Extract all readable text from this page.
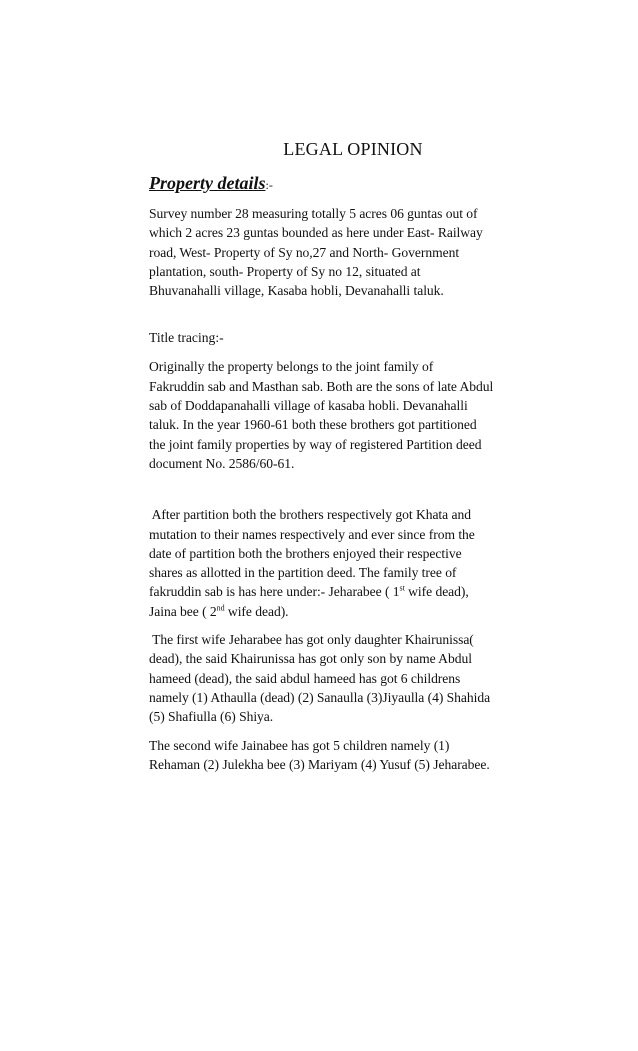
LEGAL OPINION
Property details:-

Survey number 28 measuring totally 5 acres 06 guntas out of
which 2 acres 23 guntas bounded as here under East- Railway
road, West- Property of Sy no,27 and North- Government
plantation, south- Property of Sy no 12, situated at
Bhuvanahalli village, Kasaba hobli, Devanahalli taluk.

Title tracing:-

Originally the property belongs to the joint family of
Fakruddin sab and Masthan sab. Both are the sons of late Abdul
sab of Doddapanahalli village of kasaba hobli. Devanahalli
taluk. In the year 1960-61 both these brothers got partitioned
the joint family properties by way of registered Partition deed
document No. 2586/60-61.

After partition both the brothers respectively got Khata and
mutation to their names respectively and ever since from the
date of partition both the brothers enjoyed their respective
shares as allotted in the partition deed. The family tree of
fakruddin sab is has here under:- Jeharabee ( 1st wife dead),
Jaina bee ( 2nd wife dead).

The first wife Jeharabee has got only daughter Khairunissa(
dead), the said Khairunissa has got only son by name Abdul
hameed (dead), the said abdul hameed has got 6 childrens
namely (1) Athaulla (dead) (2) Sanaulla (3)Jiyaulla (4) Shahida
(5) Shafiulla (6) Shiya.

The second wife Jainabee has got 5 children namely (1)
Rehaman (2) Julekha bee (3) Mariyam (4) Yusuf (5) Jeharabee.
